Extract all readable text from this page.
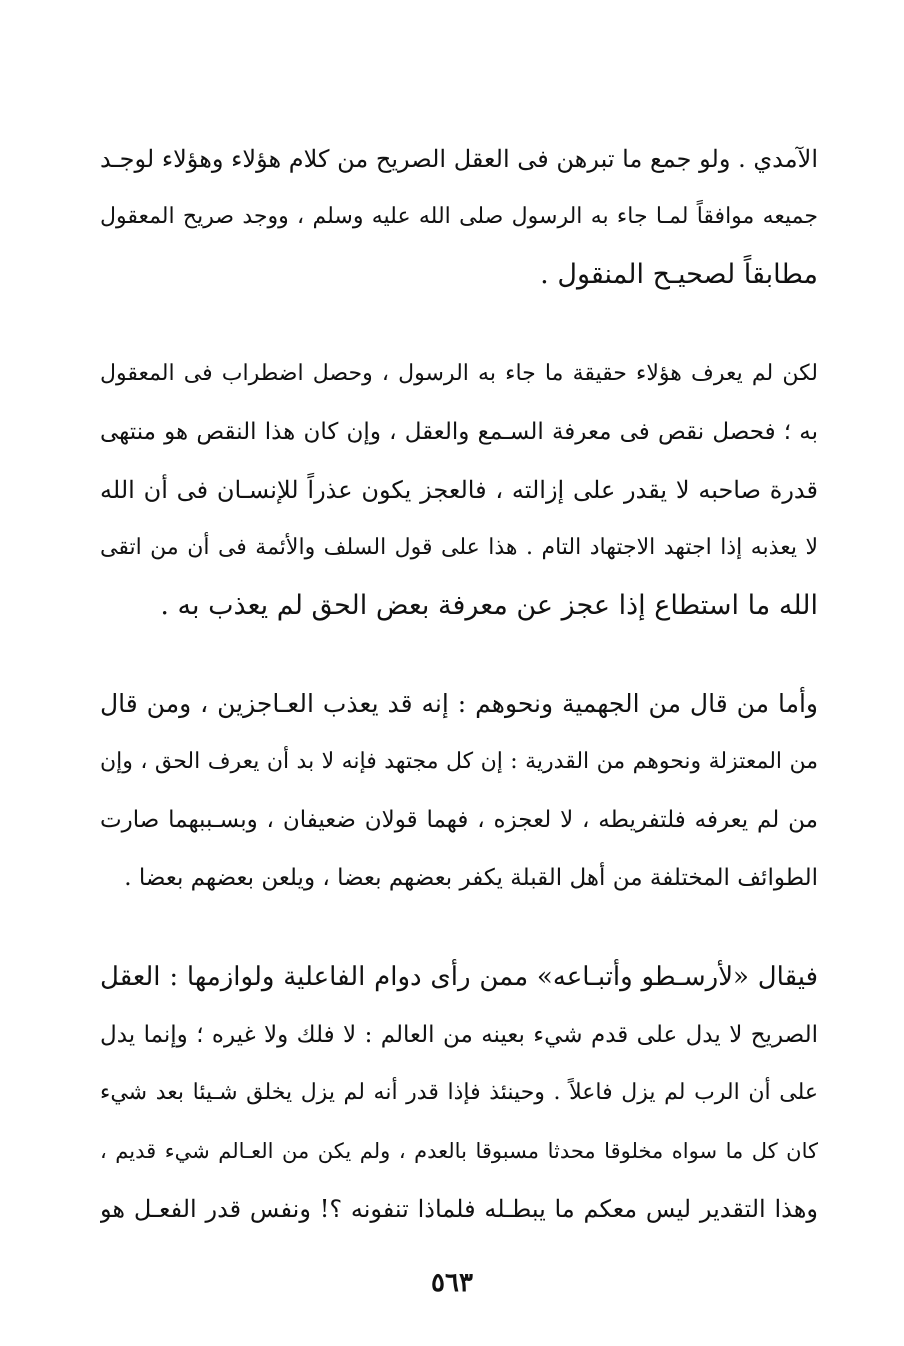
الآمدي . ولو جمع ما تبرهن فى العقل الصريح من كلام هؤلاء وهؤلاء لوجـد
جميعه موافقاً لمـا جاء به الرسول صلى الله عليه وسلم ، ووجد صريح المعقول
مطابقاً لصحيـح المنقول .
لكن لم يعرف هؤلاء حقيقة ما جاء به الرسول ، وحصل اضطراب فى المعقول
به ؛ فحصل نقص فى معرفة السـمع والعقل ، وإن كان هذا النقص هو منتهى
قدرة صاحبه لا يقدر على إزالته ، فالعجز يكون عذراً للإنسـان فى أن الله
لا يعذبه إذا اجتهد الاجتهاد التام . هذا على قول السلف والأئمة فى أن من اتقى
الله ما استطاع إذا عجز عن معرفة بعض الحق لم يعذب به .
وأما من قال من الجهمية ونحوهم : إنه قد يعذب العـاجزين ، ومن قال
من المعتزلة ونحوهم من القدرية : إن كل مجتهد فإنه لا بد أن يعرف الحق ، وإن
من لم يعرفه فلتفريطه ، لا لعجزه ، فهما قولان ضعيفان ، وبسـببهما صارت
الطوائف المختلفة من أهل القبلة يكفر بعضهم بعضا ، ويلعن بعضهم بعضا .
فيقال «لأرسـطو وأتبـاعه» ممن رأى دوام الفاعلية ولوازمها : العقل
الصريح لا يدل على قدم شيء بعينه من العالم : لا فلك ولا غيره ؛ وإنما يدل
على أن الرب لم يزل فاعلاً . وحينئذ فإذا قدر أنه لم يزل يخلق شـيئا بعد شيء
كان كل ما سواه مخلوقا محدثا مسبوقا بالعدم ، ولم يكن من العـالم شيء قديم ،
وهذا التقدير ليس معكم ما يبطـله فلماذا تنفونه ؟! ونفس قدر الفعـل هو
٥٦٣
